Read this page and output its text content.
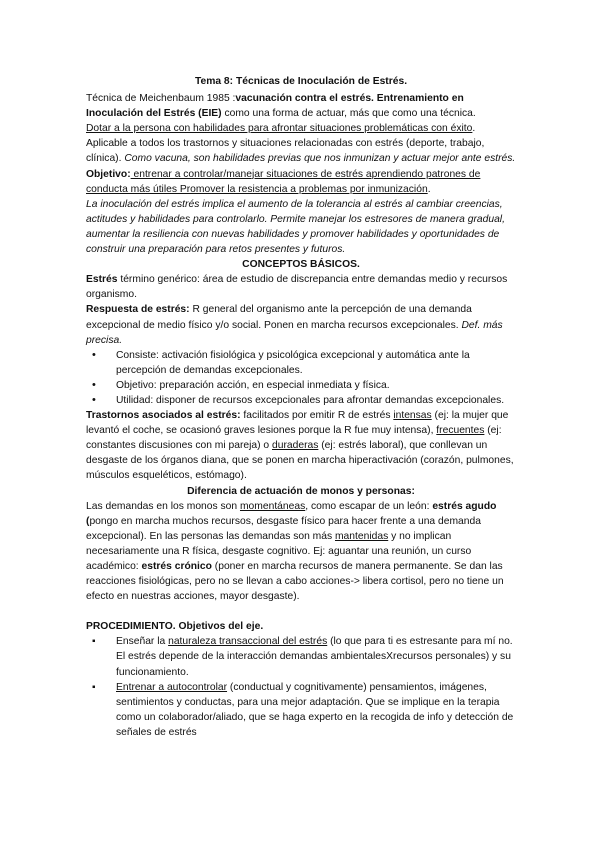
Tema 8: Técnicas de Inoculación de Estrés.

Técnica de Meichenbaum 1985 :vacunación contra el estrés. Entrenamiento en Inoculación del Estrés (EIE) como una forma de actuar, más que como una técnica.
Dotar a la persona con habilidades para afrontar situaciones problemáticas con éxito. Aplicable a todos los trastornos y situaciones relacionadas con estrés (deporte, trabajo, clínica). Como vacuna, son habilidades previas que nos inmunizan y actuar mejor ante estrés. Objetivo: entrenar a controlar/manejar situaciones de estrés aprendiendo patrones de conducta más útiles Promover la resistencia a problemas por inmunización.

La inoculación del estrés implica el aumento de la tolerancia al estrés al cambiar creencias, actitudes y habilidades para controlarlo. Permite manejar los estresores de manera gradual, aumentar la resiliencia con nuevas habilidades y promover habilidades y oportunidades de construir una preparación para retos presentes y futuros.

CONCEPTOS BÁSICOS.

Estrés término genérico: área de estudio de discrepancia entre demandas medio y recursos organismo.

Respuesta de estrés: R general del organismo ante la percepción de una demanda excepcional de medio físico y/o social. Ponen en marcha recursos excepcionales. Def. más precisa.

• Consiste: activación fisiológica y psicológica excepcional y automática ante la percepción de demandas excepcionales.
• Objetivo: preparación acción, en especial inmediata y física.
• Utilidad: disponer de recursos excepcionales para afrontar demandas excepcionales.

Trastornos asociados al estrés: facilitados por emitir R de estrés intensas (ej: la mujer que levantó el coche, se ocasionó graves lesiones porque la R fue muy intensa), frecuentes (ej: constantes discusiones con mi pareja) o duraderas (ej: estrés laboral), que conllevan un desgaste de los órganos diana, que se ponen en marcha hiperactivación (corazón, pulmones, músculos esqueléticos, estómago).

Diferencia de actuación de monos y personas:

Las demandas en los monos son momentáneas, como escapar de un león: estrés agudo (pongo en marcha muchos recursos, desgaste físico para hacer frente a una demanda excepcional). En las personas las demandas son más mantenidas y no implican necesariamente una R física, desgaste cognitivo. Ej: aguantar una reunión, un curso académico: estrés crónico (poner en marcha recursos de manera permanente. Se dan las reacciones fisiológicas, pero no se llevan a cabo acciones-> libera cortisol, pero no tiene un efecto en nuestras acciones, mayor desgaste).

PROCEDIMIENTO. Objetivos del eje.

▪ Enseñar la naturaleza transaccional del estrés (lo que para ti es estresante para mí no. El estrés depende de la interacción demandas ambientalesXrecursos personales) y su funcionamiento.
▪ Entrenar a autocontrolar (conductual y cognitivamente) pensamientos, imágenes, sentimientos y conductas, para una mejor adaptación. Que se implique en la terapia como un colaborador/aliado, que se haga experto en la recogida de info y detección de señales de estrés
